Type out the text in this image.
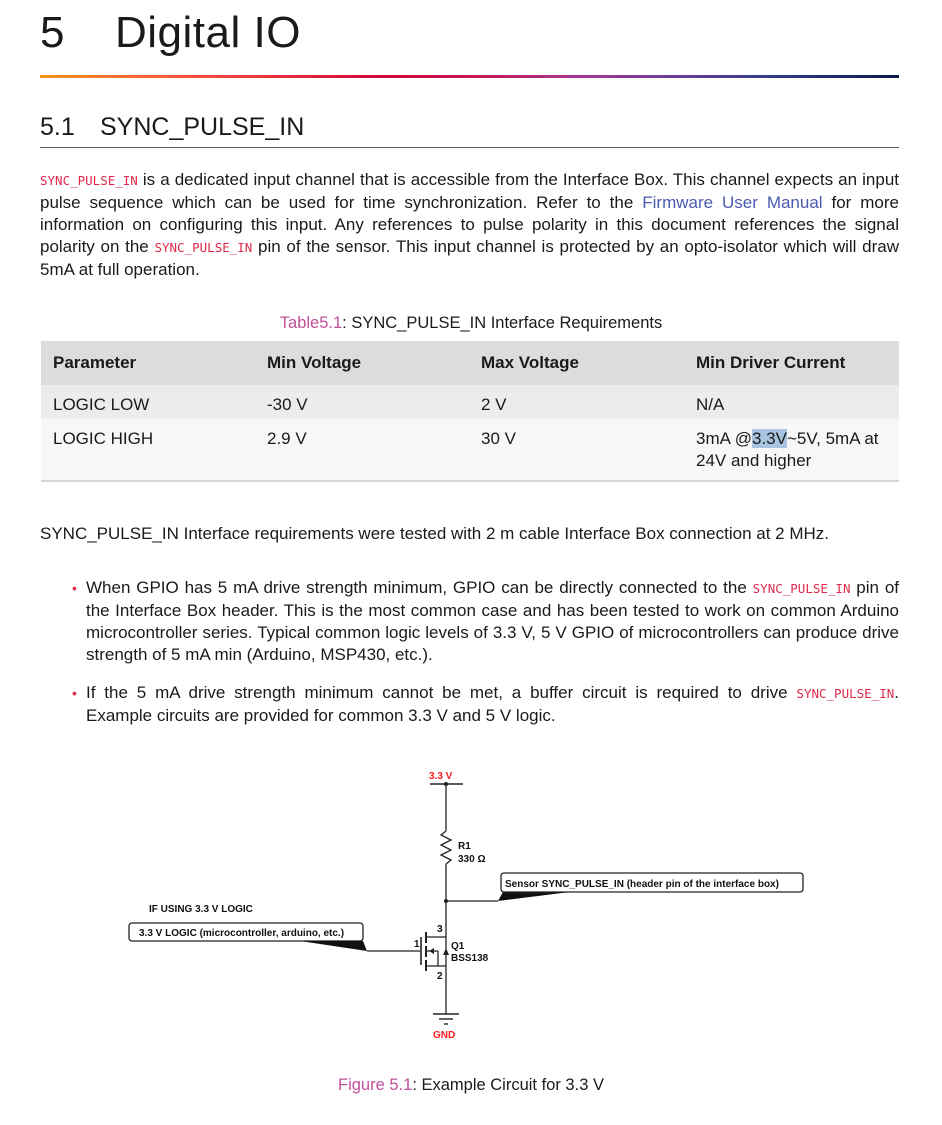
5 Digital IO
5.1 SYNC_PULSE_IN

SYNC_PULSE_IN is a dedicated input channel that is accessible from the Interface Box. This channel expects an input pulse sequence which can be used for time synchronization. Refer to the Firmware User Manual for more information on configuring this input. Any references to pulse polarity in this document references the signal polarity on the SYNC_PULSE_IN pin of the sensor. This input channel is protected by an opto-isolator which will draw 5mA at full operation.

Table5.1: SYNC_PULSE_IN Interface Requirements
Parameter	Min Voltage	Max Voltage	Min Driver Current
LOGIC LOW	-30 V	2 V	N/A
LOGIC HIGH	2.9 V	30 V	3mA @3.3V~5V, 5mA at 24V and higher

SYNC_PULSE_IN Interface requirements were tested with 2 m cable Interface Box connection at 2 MHz.

• When GPIO has 5 mA drive strength minimum, GPIO can be directly connected to the SYNC_PULSE_IN pin of the Interface Box header. This is the most common case and has been tested to work on common Arduino microcontroller series. Typical common logic levels of 3.3 V, 5 V GPIO of microcontrollers can produce drive strength of 5 mA min (Arduino, MSP430, etc.).
• If the 5 mA drive strength minimum cannot be met, a buffer circuit is required to drive SYNC_PULSE_IN. Example circuits are provided for common 3.3 V and 5 V logic.
3.3 V
R1
330 Ω
Sensor SYNC_PULSE_IN (header pin of the interface box)
IF USING 3.3 V LOGIC
3.3 V LOGIC (microcontroller, arduino, etc.)
1
3
2
Q1
BSS138
GND
Figure 5.1: Example Circuit for 3.3 V
